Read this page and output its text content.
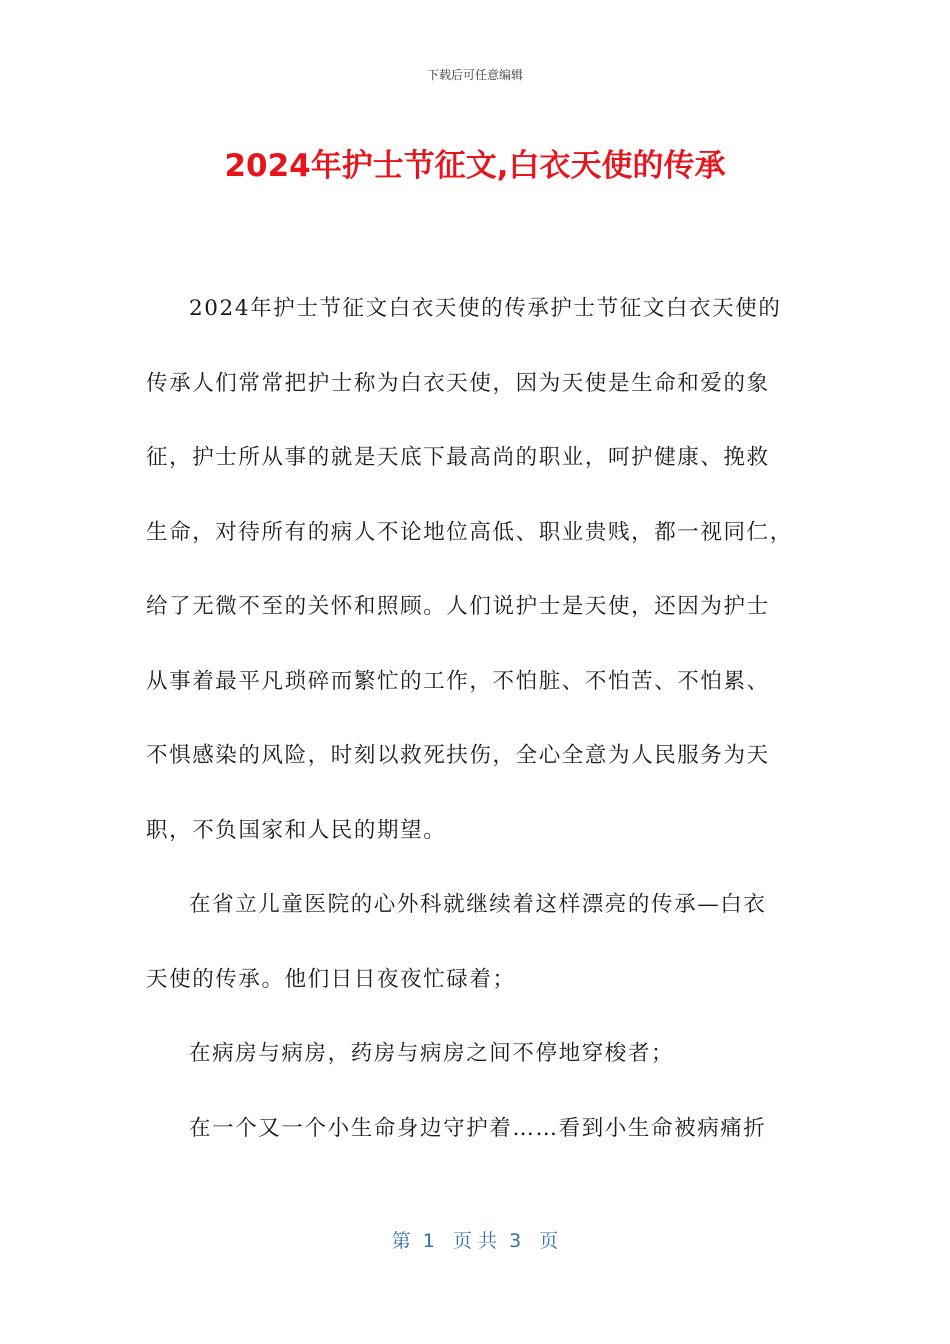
下载后可任意编辑
2024年护士节征文,白衣天使的传承
2024年护士节征文白衣天使的传承护士节征文白衣天使的
传承人们常常把护士称为白衣天使，因为天使是生命和爱的象
征，护士所从事的就是天底下最高尚的职业，呵护健康、挽救
生命，对待所有的病人不论地位高低、职业贵贱，都一视同仁，
给了无微不至的关怀和照顾。人们说护士是天使，还因为护士
从事着最平凡琐碎而繁忙的工作，不怕脏、不怕苦、不怕累、
不惧感染的风险，时刻以救死扶伤，全心全意为人民服务为天
职，不负国家和人民的期望。
在省立儿童医院的心外科就继续着这样漂亮的传承—白衣
天使的传承。他们日日夜夜忙碌着；
在病房与病房，药房与病房之间不停地穿梭者；
在一个又一个小生命身边守护着……看到小生命被病痛折
第  1   页 共  3   页
